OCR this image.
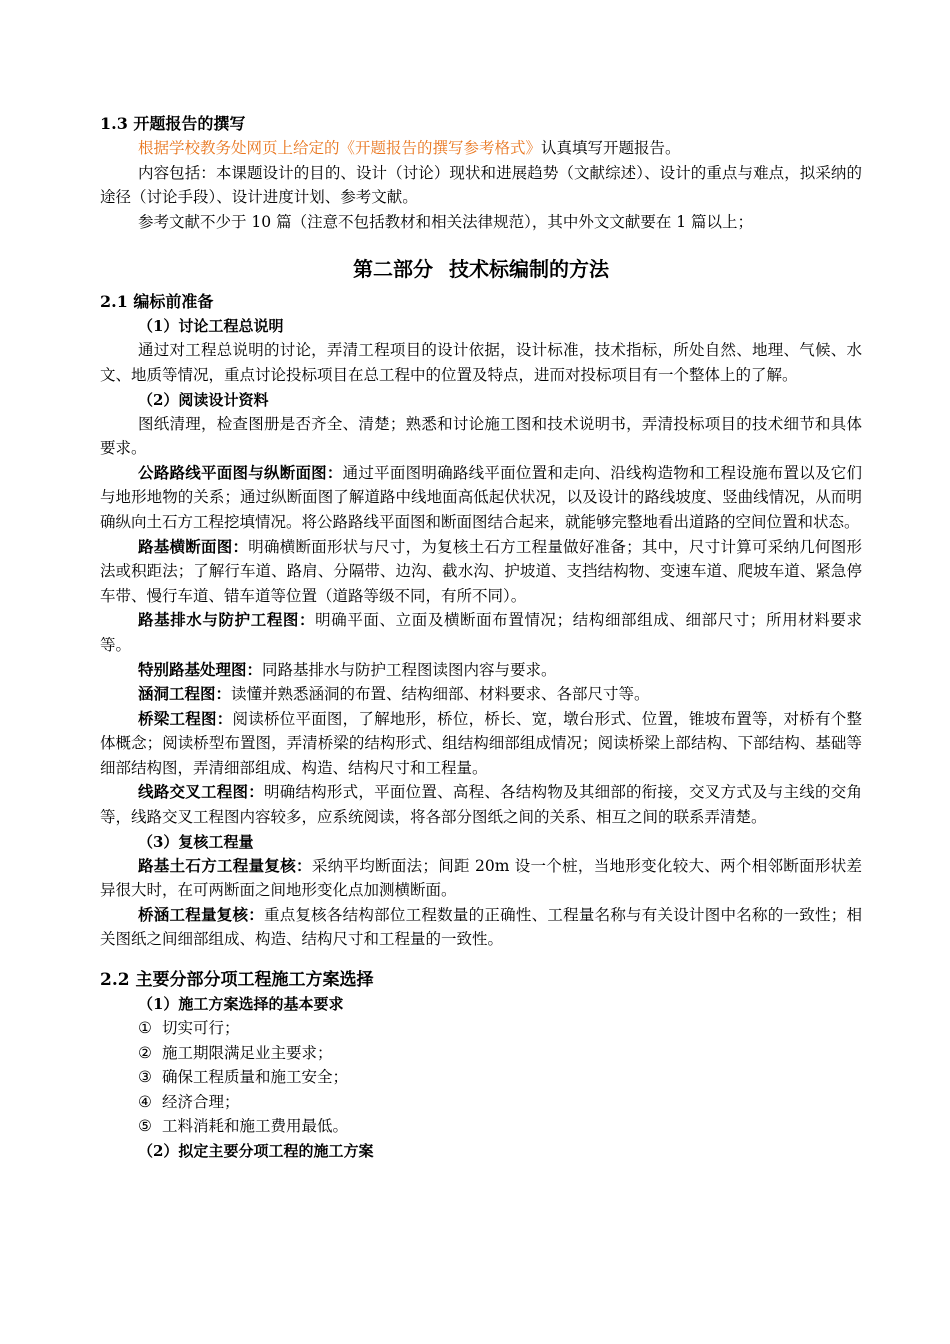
1.3 开题报告的撰写

根据学校教务处网页上给定的《开题报告的撰写参考格式》认真填写开题报告。

内容包括：本课题设计的目的、设计（讨论）现状和进展趋势（文献综述）、设计的重点与难点，拟采纳的途径（讨论手段）、设计进度计划、参考文献。

参考文献不少于 10 篇（注意不包括教材和相关法律规范），其中外文文献要在 1 篇以上；

第二部分 技术标编制的方法
2.1 编标前准备
（1）讨论工程总说明

通过对工程总说明的讨论，弄清工程项目的设计依据，设计标准，技术指标，所处自然、地理、气候、水文、地质等情况，重点讨论投标项目在总工程中的位置及特点，进而对投标项目有一个整体上的了解。

（2）阅读设计资料

图纸清理，检查图册是否齐全、清楚；熟悉和讨论施工图和技术说明书，弄清投标项目的技术细节和具体要求。

公路路线平面图与纵断面图：通过平面图明确路线平面位置和走向、沿线构造物和工程设施布置以及它们与地形地物的关系；通过纵断面图了解道路中线地面高低起伏状况，以及设计的路线坡度、竖曲线情况，从而明确纵向土石方工程挖填情况。将公路路线平面图和断面图结合起来，就能够完整地看出道路的空间位置和状态。

路基横断面图：明确横断面形状与尺寸，为复核土石方工程量做好准备；其中，尺寸计算可采纳几何图形法或积距法；了解行车道、路肩、分隔带、边沟、截水沟、护坡道、支挡结构物、变速车道、爬坡车道、紧急停车带、慢行车道、错车道等位置（道路等级不同，有所不同）。

路基排水与防护工程图：明确平面、立面及横断面布置情况；结构细部组成、细部尺寸；所用材料要求等。

特别路基处理图：同路基排水与防护工程图读图内容与要求。

涵洞工程图：读懂并熟悉涵洞的布置、结构细部、材料要求、各部尺寸等。

桥梁工程图：阅读桥位平面图，了解地形，桥位，桥长、宽，墩台形式、位置，锥坡布置等，对桥有个整体概念；阅读桥型布置图，弄清桥梁的结构形式、组结构细部组成情况；阅读桥梁上部结构、下部结构、基础等细部结构图，弄清细部组成、构造、结构尺寸和工程量。

线路交叉工程图：明确结构形式，平面位置、高程、各结构物及其细部的衔接，交叉方式及与主线的交角等，线路交叉工程图内容较多，应系统阅读，将各部分图纸之间的关系、相互之间的联系弄清楚。

（3）复核工程量

路基土石方工程量复核：采纳平均断面法；间距 20m 设一个桩，当地形变化较大、两个相邻断面形状差异很大时，在可两断面之间地形变化点加测横断面。

桥涵工程量复核：重点复核各结构部位工程数量的正确性、工程量名称与有关设计图中名称的一致性；相关图纸之间细部组成、构造、结构尺寸和工程量的一致性。

2.2 主要分部分项工程施工方案选择
（1）施工方案选择的基本要求
① 切实可行；
② 施工期限满足业主要求；
③ 确保工程质量和施工安全；
④ 经济合理；
⑤ 工料消耗和施工费用最低。
（2）拟定主要分项工程的施工方案
